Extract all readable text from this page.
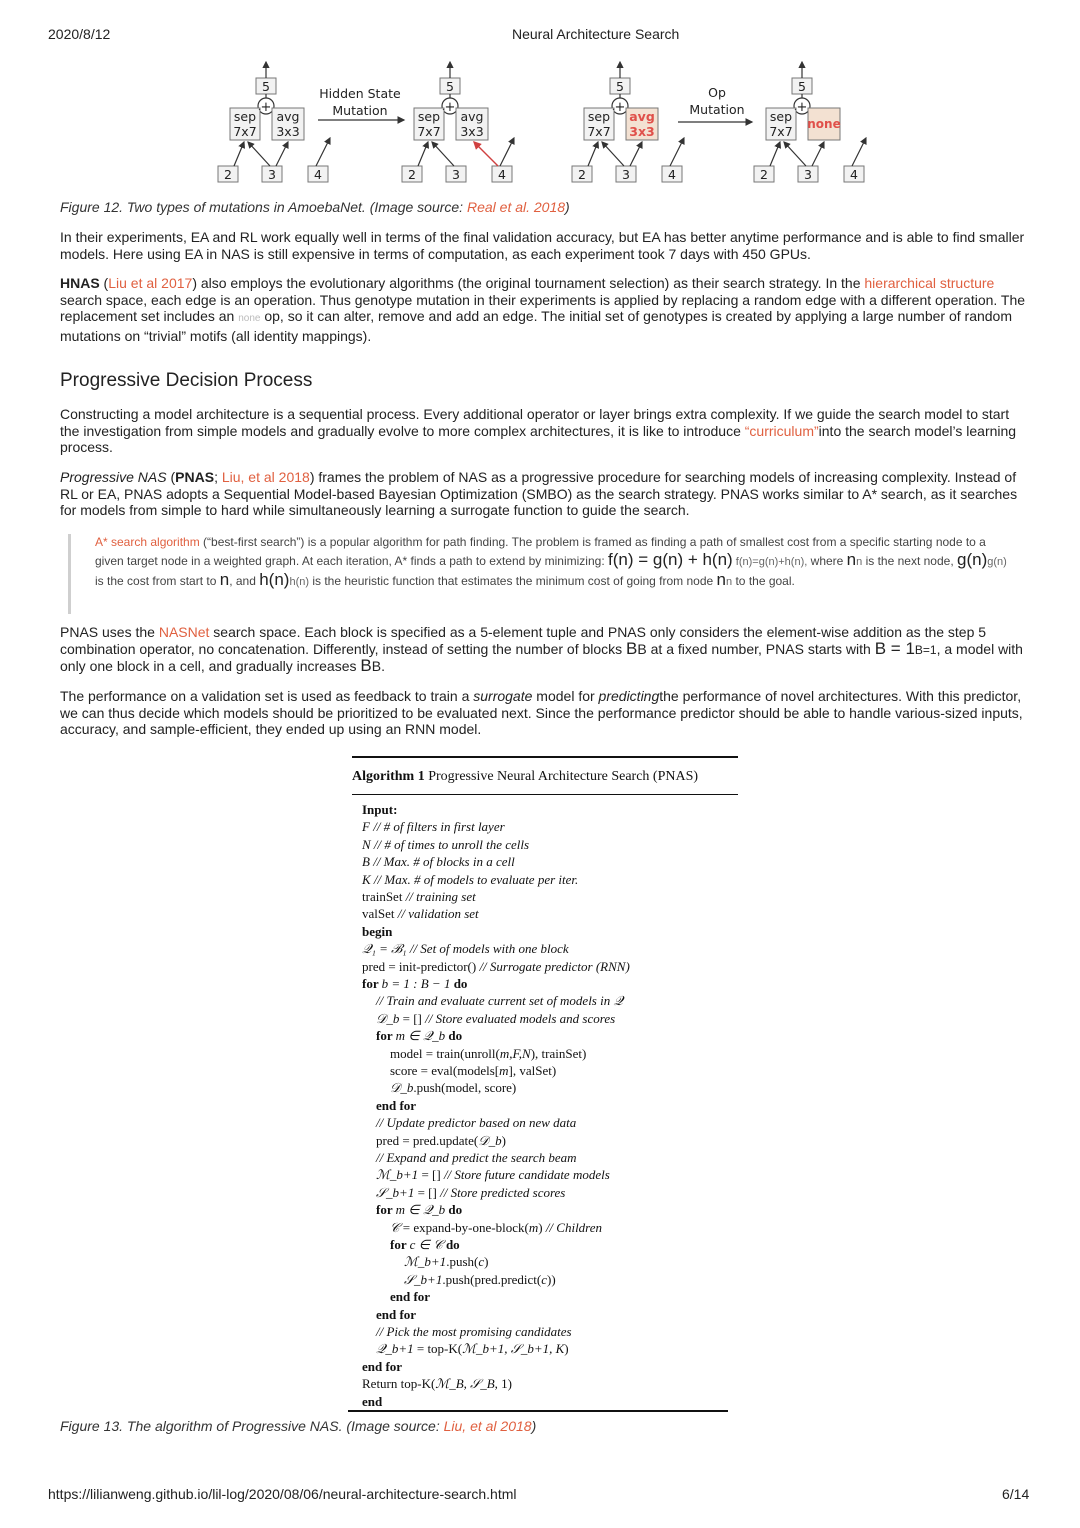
2020/8/12	Neural Architecture Search
5
+
sep
7x7
avg
3x3
2	3	4
5
+
sep
7x7
avg
3x3
2	3	4
5
+
sep
7x7
avg
3x3
2	3	4
5
+
sep
7x7 none
2	3	4
Hidden State
Mutation
Op
Mutation

Figure 12. Two types of mutations in AmoebaNet. (Image source: Real et al. 2018)

In their experiments, EA and RL work equally well in terms of the final validation accuracy, but EA has better anytime performance and is able to find smaller models. Here using EA in NAS is still expensive in terms of computation, as each experiment took 7 days with 450 GPUs.

HNAS (Liu et al 2017) also employs the evolutionary algorithms (the original tournament selection) as their search strategy. In the hierarchical structure search space, each edge is an operation. Thus genotype mutation in their experiments is applied by replacing a random edge with a different operation. The replacement set includes an none op, so it can alter, remove and add an edge. The initial set of genotypes is created by applying a large number of random mutations on “trivial” motifs (all identity mappings).

Progressive Decision Process

Constructing a model architecture is a sequential process. Every additional operator or layer brings extra complexity. If we guide the search model to start the investigation from simple models and gradually evolve to more complex architectures, it is like to introduce “curriculum”into the search model’s learning process.

Progressive NAS (PNAS; Liu, et al 2018) frames the problem of NAS as a progressive procedure for searching models of increasing complexity. Instead of RL or EA, PNAS adopts a Sequential Model-based Bayesian Optimization (SMBO) as the search strategy. PNAS works similar to A* search, as it searches for models from simple to hard while simultaneously learning a surrogate function to guide the search.

A* search algorithm (“best-first search”) is a popular algorithm for path finding. The problem is framed as finding a path of smallest cost from a specific starting node to a given target node in a weighted graph. At each iteration, A* finds a path to extend by minimizing: f(n) = g(n) + h(n) f(n)=g(n)+h(n), where nn is the next node, g(n)g(n) is the cost from start to n, and h(n)h(n) is the heuristic function that estimates the minimum cost of going from node nn to the goal.

PNAS uses the NASNet search space. Each block is specified as a 5-element tuple and PNAS only considers the element-wise addition as the step 5 combination operator, no concatenation. Differently, instead of setting the number of blocks BB at a fixed number, PNAS starts with B = 1B=1, a model with only one block in a cell, and gradually increases BB.

The performance on a validation set is used as feedback to train a surrogate model for predictingthe performance of novel architectures. With this predictor, we can thus decide which models should be prioritized to be evaluated next. Since the performance predictor should be able to handle various-sized inputs, accuracy, and sample-efficient, they ended up using an RNN model.

Algorithm 1 Progressive Neural Architecture Search (PNAS)
Input:
F // # of filters in first layer
N // # of times to unroll the cells
B // Max. # of blocks in a cell
K // Max. # of models to evaluate per iter.
trainSet // training set
valSet // validation set
begin
𝒬₁ = ℬ₁ // Set of models with one block
pred = init-predictor() // Surrogate predictor (RNN)
for b = 1 : B − 1 do
// Train and evaluate current set of models in 𝒬
𝒟_b = [] // Store evaluated models and scores
for m ∈ 𝒬_b do
model = train(unroll(m,F,N), trainSet)
score = eval(models[m], valSet)
𝒟_b.push(model, score)
end for
// Update predictor based on new data
pred = pred.update(𝒟_b)
// Expand and predict the search beam
ℳ_b+1 = [] // Store future candidate models
𝒮_b+1 = [] // Store predicted scores
for m ∈ 𝒬_b do
𝒞 = expand-by-one-block(m) // Children
for c ∈ 𝒞 do
ℳ_b+1.push(c)
𝒮_b+1.push(pred.predict(c))
end for
end for
// Pick the most promising candidates
𝒬_b+1 = top-K(ℳ_b+1, 𝒮_b+1, K)
end for
Return top-K(ℳ_B, 𝒮_B, 1)
end

Figure 13. The algorithm of Progressive NAS. (Image source: Liu, et al 2018)

https://lilianweng.github.io/lil-log/2020/08/06/neural-architecture-search.html	6/14
